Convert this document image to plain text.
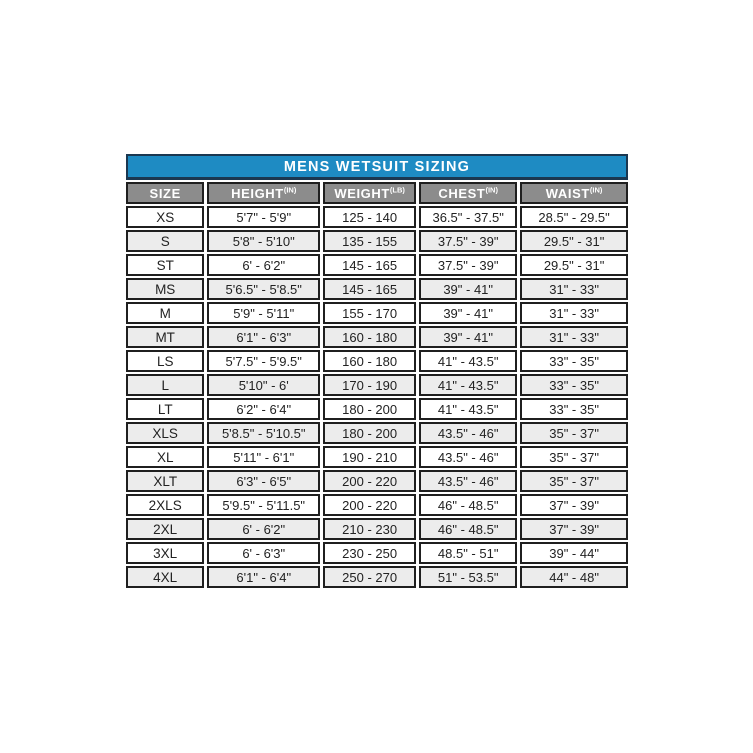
MENS WETSUIT SIZING
SIZE	$HEIGHT^{(IN)}$	$WEIGHT^{(LB)}$	$CHEST^{(IN)}$	$WAIST^{(IN)}$
XS	5'7" - 5'9"	125 - 140	36.5" - 37.5"	28.5" - 29.5"
S	5'8" - 5'10"	135 - 155	37.5" - 39"	29.5" - 31"
ST	6' - 6'2"	145 - 165	37.5" - 39"	29.5" - 31"
MS	5'6.5" - 5'8.5"	145 - 165	39" - 41"	31" - 33"
M	5'9" - 5'11"	155 - 170	39" - 41"	31" - 33"
MT	6'1" - 6'3"	160 - 180	39" - 41"	31" - 33"
LS	5'7.5" - 5'9.5"	160 - 180	41" - 43.5"	33" - 35"
L	5'10" - 6'	170 - 190	41" - 43.5"	33" - 35"
LT	6'2" - 6'4"	180 - 200	41" - 43.5"	33" - 35"
XLS	5'8.5" - 5'10.5"	180 - 200	43.5" - 46"	35" - 37"
XL	5'11" - 6'1"	190 - 210	43.5" - 46"	35" - 37"
XLT	6'3" - 6'5"	200 - 220	43.5" - 46"	35" - 37"
2XLS	5'9.5" - 5'11.5"	200 - 220	46" - 48.5"	37" - 39"
2XL	6' - 6'2"	210 - 230	46" - 48.5"	37" - 39"
3XL	6' - 6'3"	230 - 250	48.5" - 51"	39" - 44"
4XL	6'1" - 6'4"	250 - 270	51" - 53.5"	44" - 48"
